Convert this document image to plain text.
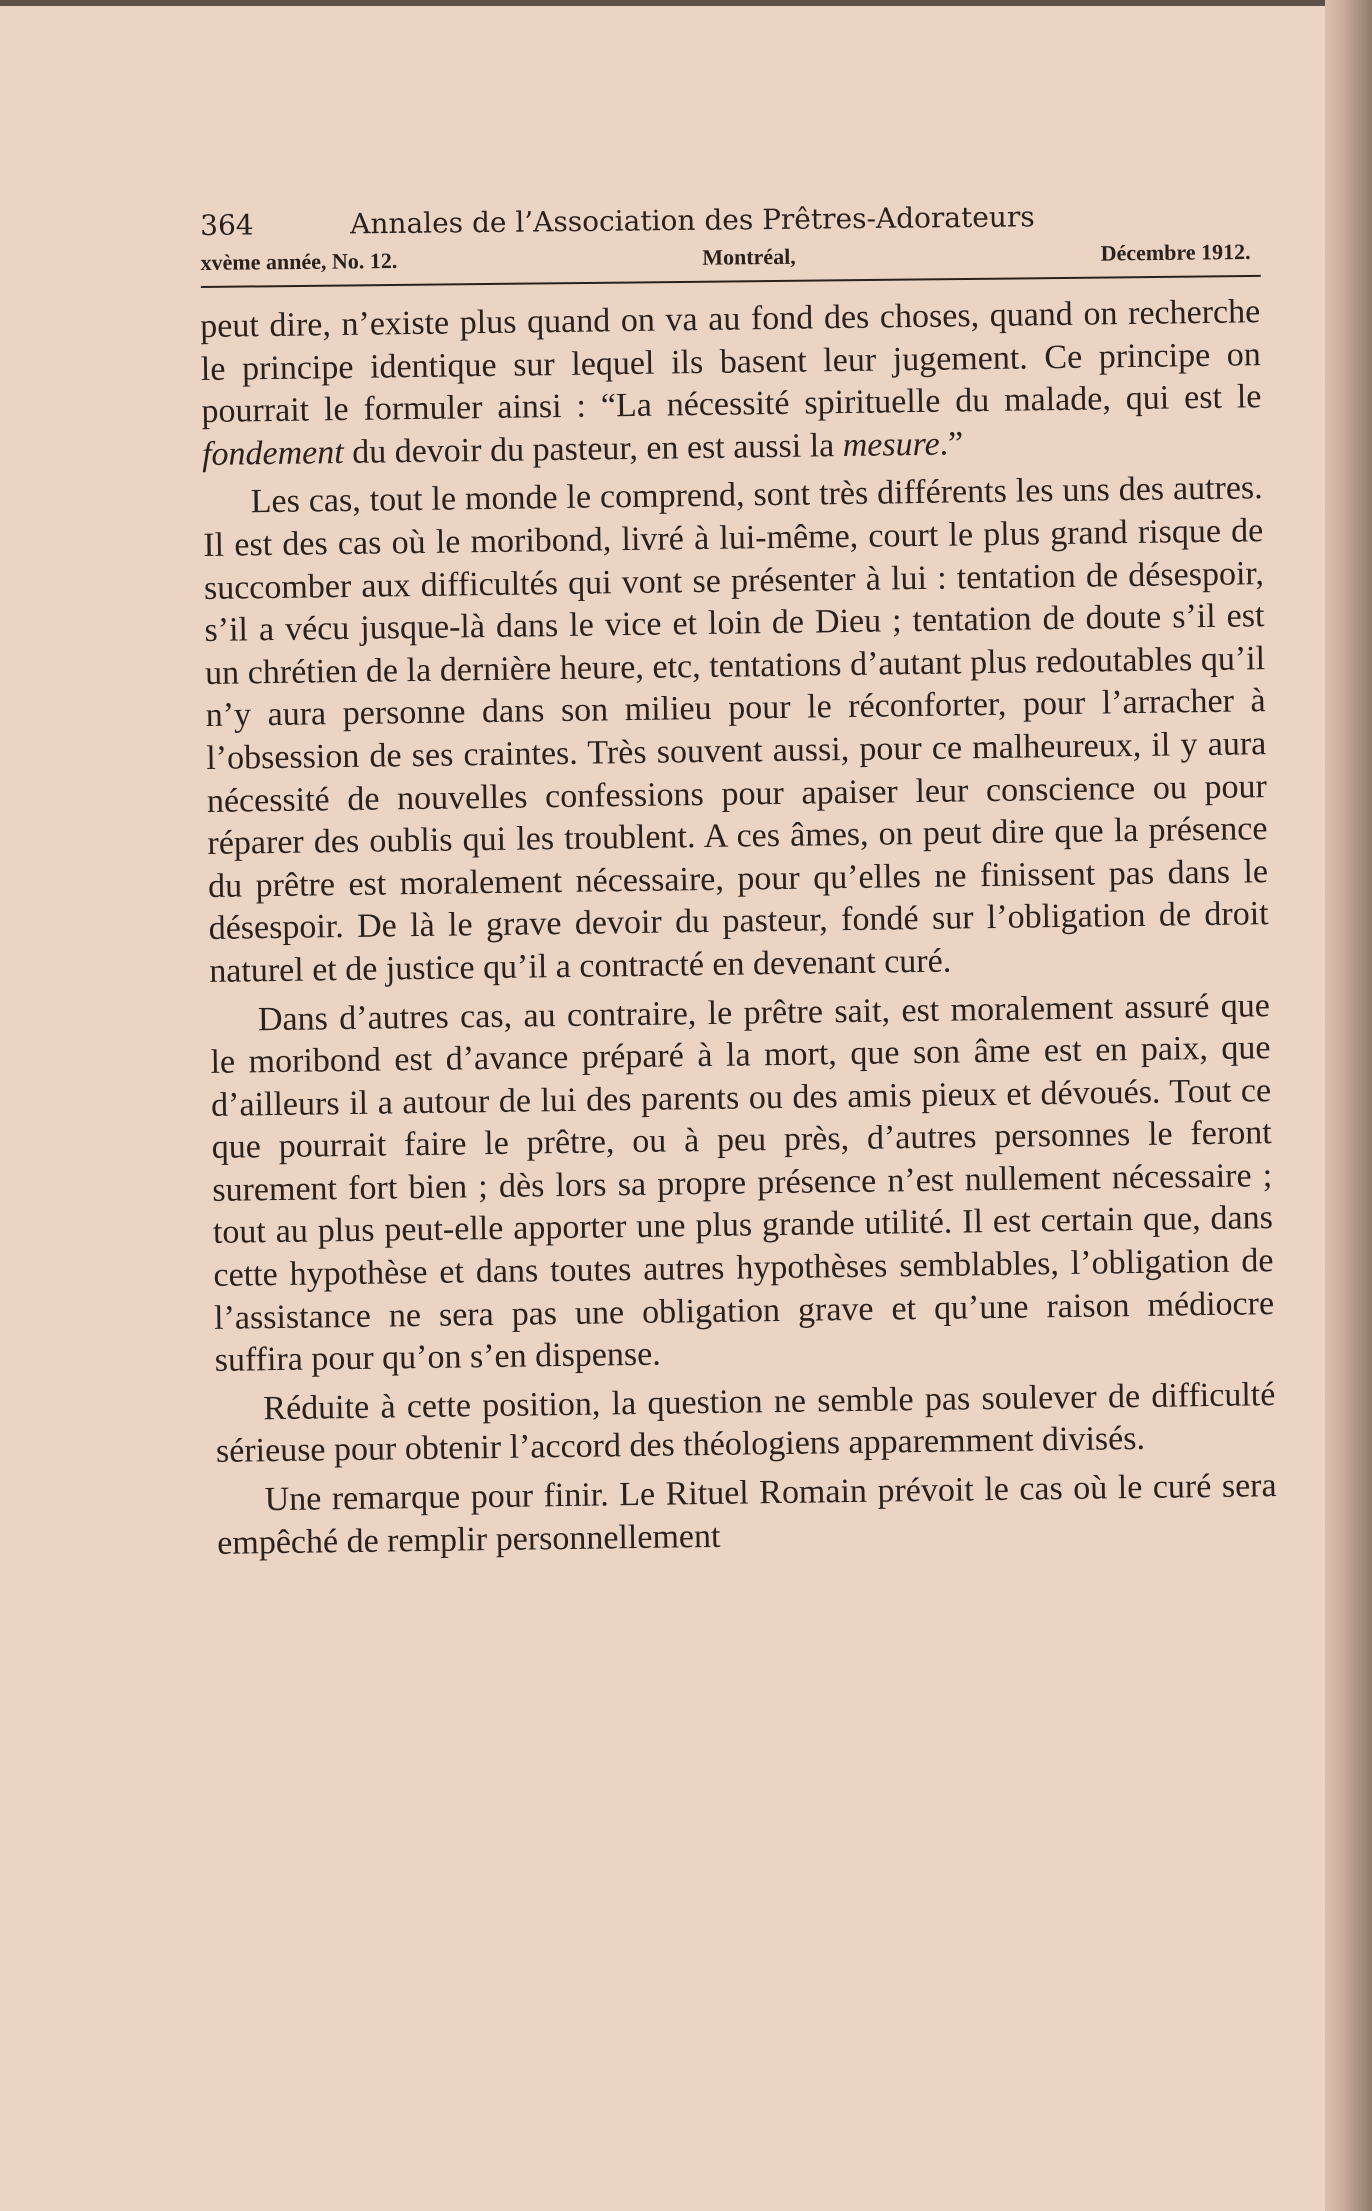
364	Annales de l’Association des Prêtres-Adorateurs
xvème année, No. 12.	Montréal,	Décembre 1912.

peut dire, n’existe plus quand on va au fond des choses, quand on recherche le principe identique sur lequel ils basent leur jugement. Ce principe on pourrait le formuler ainsi : “La nécessité spirituelle du malade, qui est le fondement du devoir du pasteur, en est aussi la mesure.”

Les cas, tout le monde le comprend, sont très différents les uns des autres. Il est des cas où le moribond, livré à lui-même, court le plus grand risque de succomber aux difficultés qui vont se présenter à lui : tentation de désespoir, s’il a vécu jusque-là dans le vice et loin de Dieu ; tentation de doute s’il est un chrétien de la dernière heure, etc, tentations d’autant plus redoutables qu’il n’y aura personne dans son milieu pour le réconforter, pour l’arracher à l’obsession de ses craintes. Très souvent aussi, pour ce malheureux, il y aura nécessité de nouvelles confessions pour apaiser leur conscience ou pour réparer des oublis qui les troublent. A ces âmes, on peut dire que la présence du prêtre est moralement nécessaire, pour qu’elles ne finissent pas dans le désespoir. De là le grave devoir du pasteur, fondé sur l’obligation de droit naturel et de justice qu’il a contracté en devenant curé.

Dans d’autres cas, au contraire, le prêtre sait, est moralement assuré que le moribond est d’avance préparé à la mort, que son âme est en paix, que d’ailleurs il a autour de lui des parents ou des amis pieux et dévoués. Tout ce que pourrait faire le prêtre, ou à peu près, d’autres personnes le feront surement fort bien ; dès lors sa propre présence n’est nullement nécessaire ; tout au plus peut-elle apporter une plus grande utilité. Il est certain que, dans cette hypothèse et dans toutes autres hypothèses semblables, l’obligation de l’assistance ne sera pas une obligation grave et qu’une raison médiocre suffira pour qu’on s’en dispense.

Réduite à cette position, la question ne semble pas soulever de difficulté sérieuse pour obtenir l’accord des théologiens apparemment divisés.

Une remarque pour finir. Le Rituel Romain prévoit le cas où le curé sera empêché de remplir personnellement
